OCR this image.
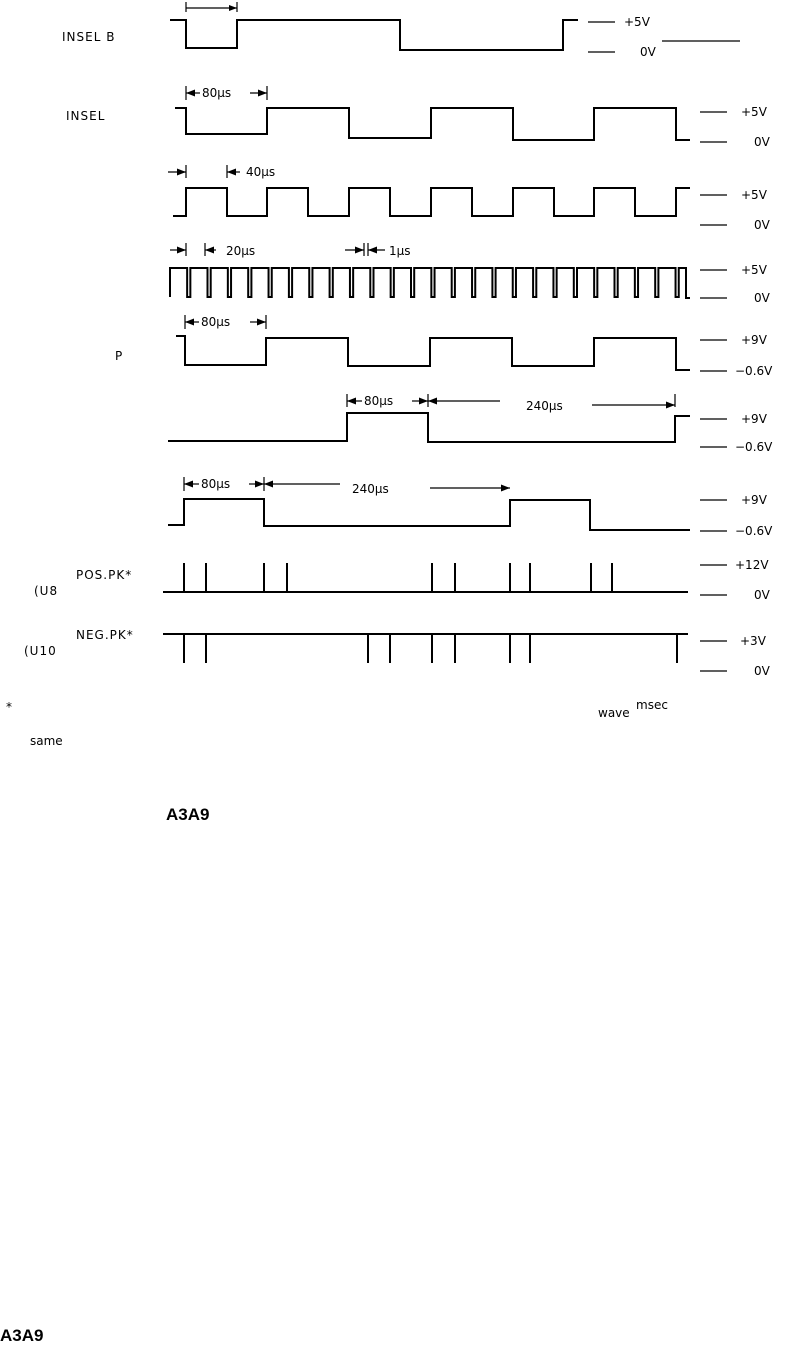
INSEL B
+5V
0V
INSEL
80μs
+5V
0V
40μs
+5V
0V
20μs	1μs
+5V
0V
P
80μs
+9V
−0.6V
80μs	240μs
+9V
−0.6V
80μs	240μs
+9V
−0.6V
POS.PK*
(U8
+12V
0V
NEG.PK*
(U10
+3V
0V
*
same
wave
msec
A3A9
A3A9
